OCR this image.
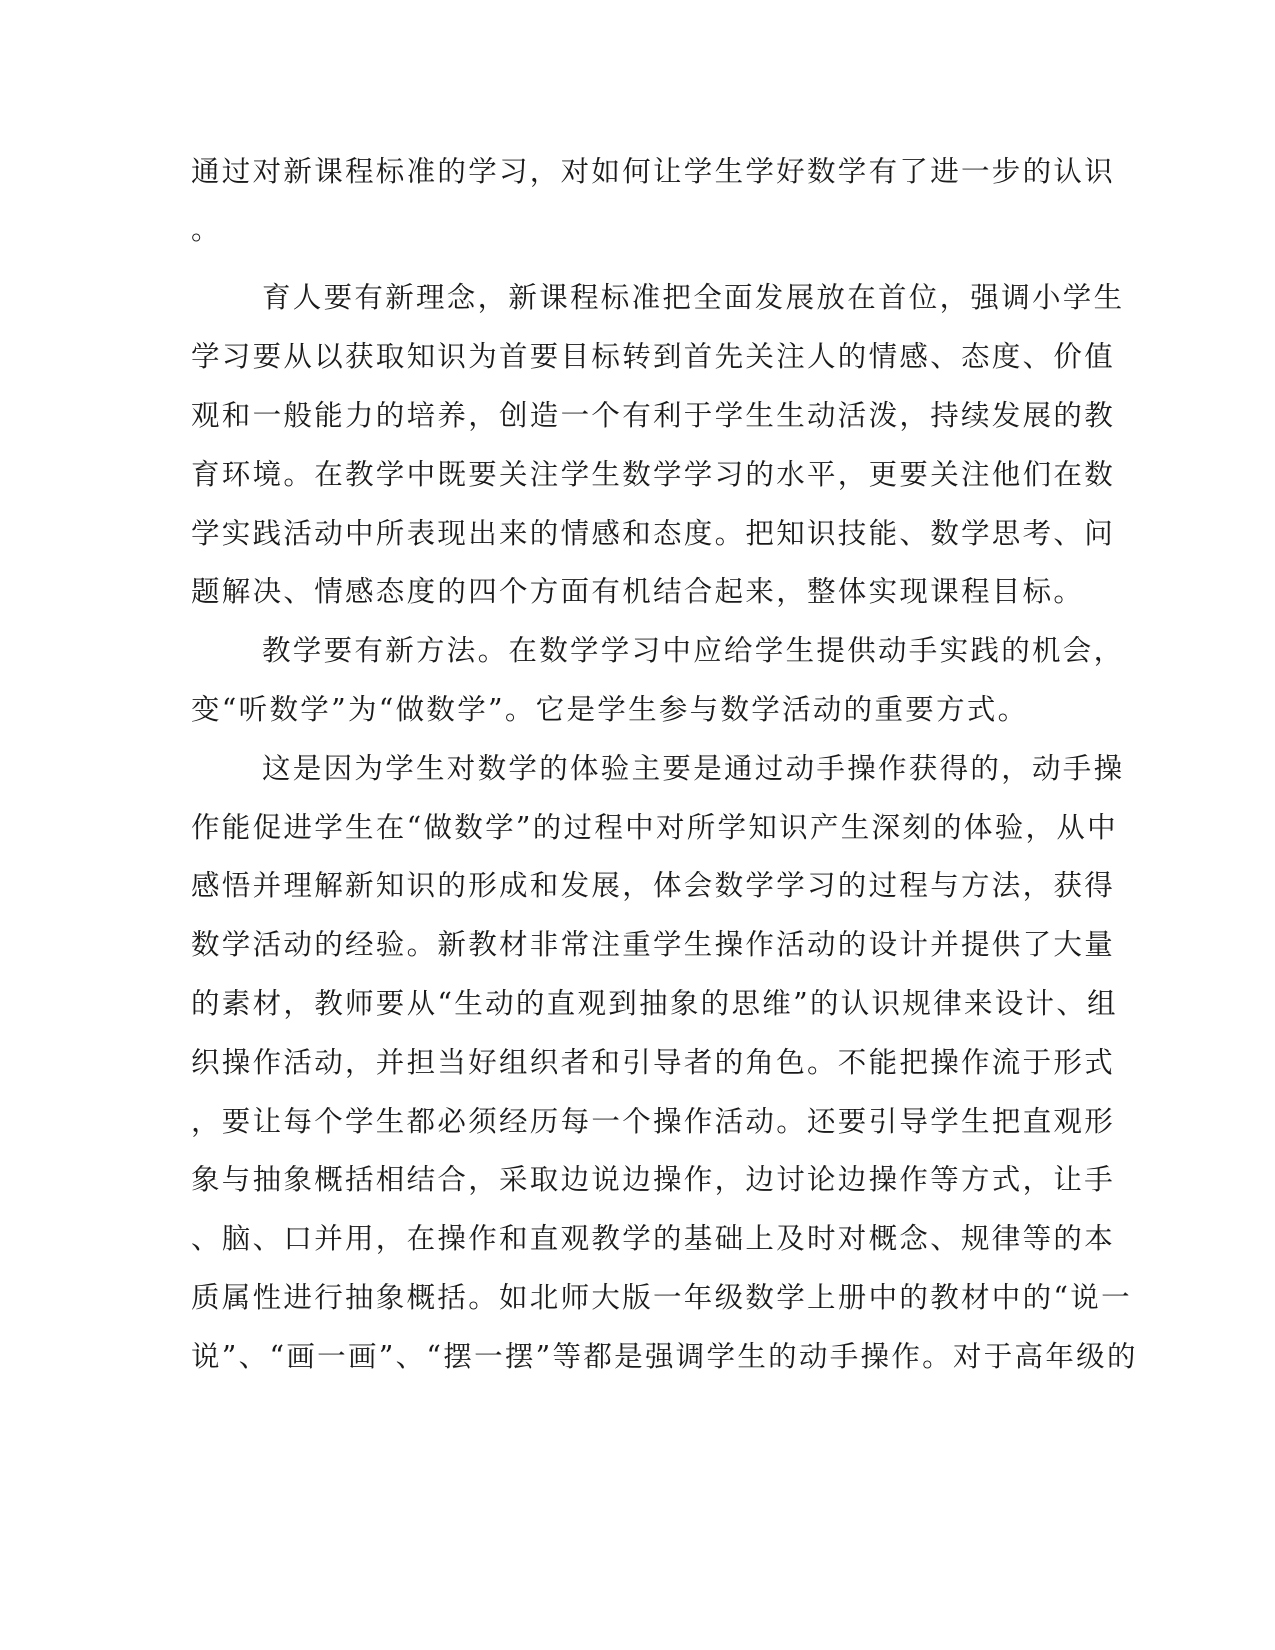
通过对新课程标准的学习，对如何让学生学好数学有了进一步的认识
。
育人要有新理念，新课程标准把全面发展放在首位，强调小学生
学习要从以获取知识为首要目标转到首先关注人的情感、态度、价值
观和一般能力的培养，创造一个有利于学生生动活泼，持续发展的教
育环境。在教学中既要关注学生数学学习的水平，更要关注他们在数
学实践活动中所表现出来的情感和态度。把知识技能、数学思考、问
题解决、情感态度的四个方面有机结合起来，整体实现课程目标。
教学要有新方法。在数学学习中应给学生提供动手实践的机会，
变“听数学”为“做数学”。它是学生参与数学活动的重要方式。
这是因为学生对数学的体验主要是通过动手操作获得的，动手操
作能促进学生在“做数学”的过程中对所学知识产生深刻的体验，从中
感悟并理解新知识的形成和发展，体会数学学习的过程与方法，获得
数学活动的经验。新教材非常注重学生操作活动的设计并提供了大量
的素材，教师要从“生动的直观到抽象的思维”的认识规律来设计、组
织操作活动，并担当好组织者和引导者的角色。不能把操作流于形式
，要让每个学生都必须经历每一个操作活动。还要引导学生把直观形
象与抽象概括相结合，采取边说边操作，边讨论边操作等方式，让手
、脑、口并用，在操作和直观教学的基础上及时对概念、规律等的本
质属性进行抽象概括。如北师大版一年级数学上册中的教材中的“说一
说”、“画一画”、“摆一摆”等都是强调学生的动手操作。对于高年级的
